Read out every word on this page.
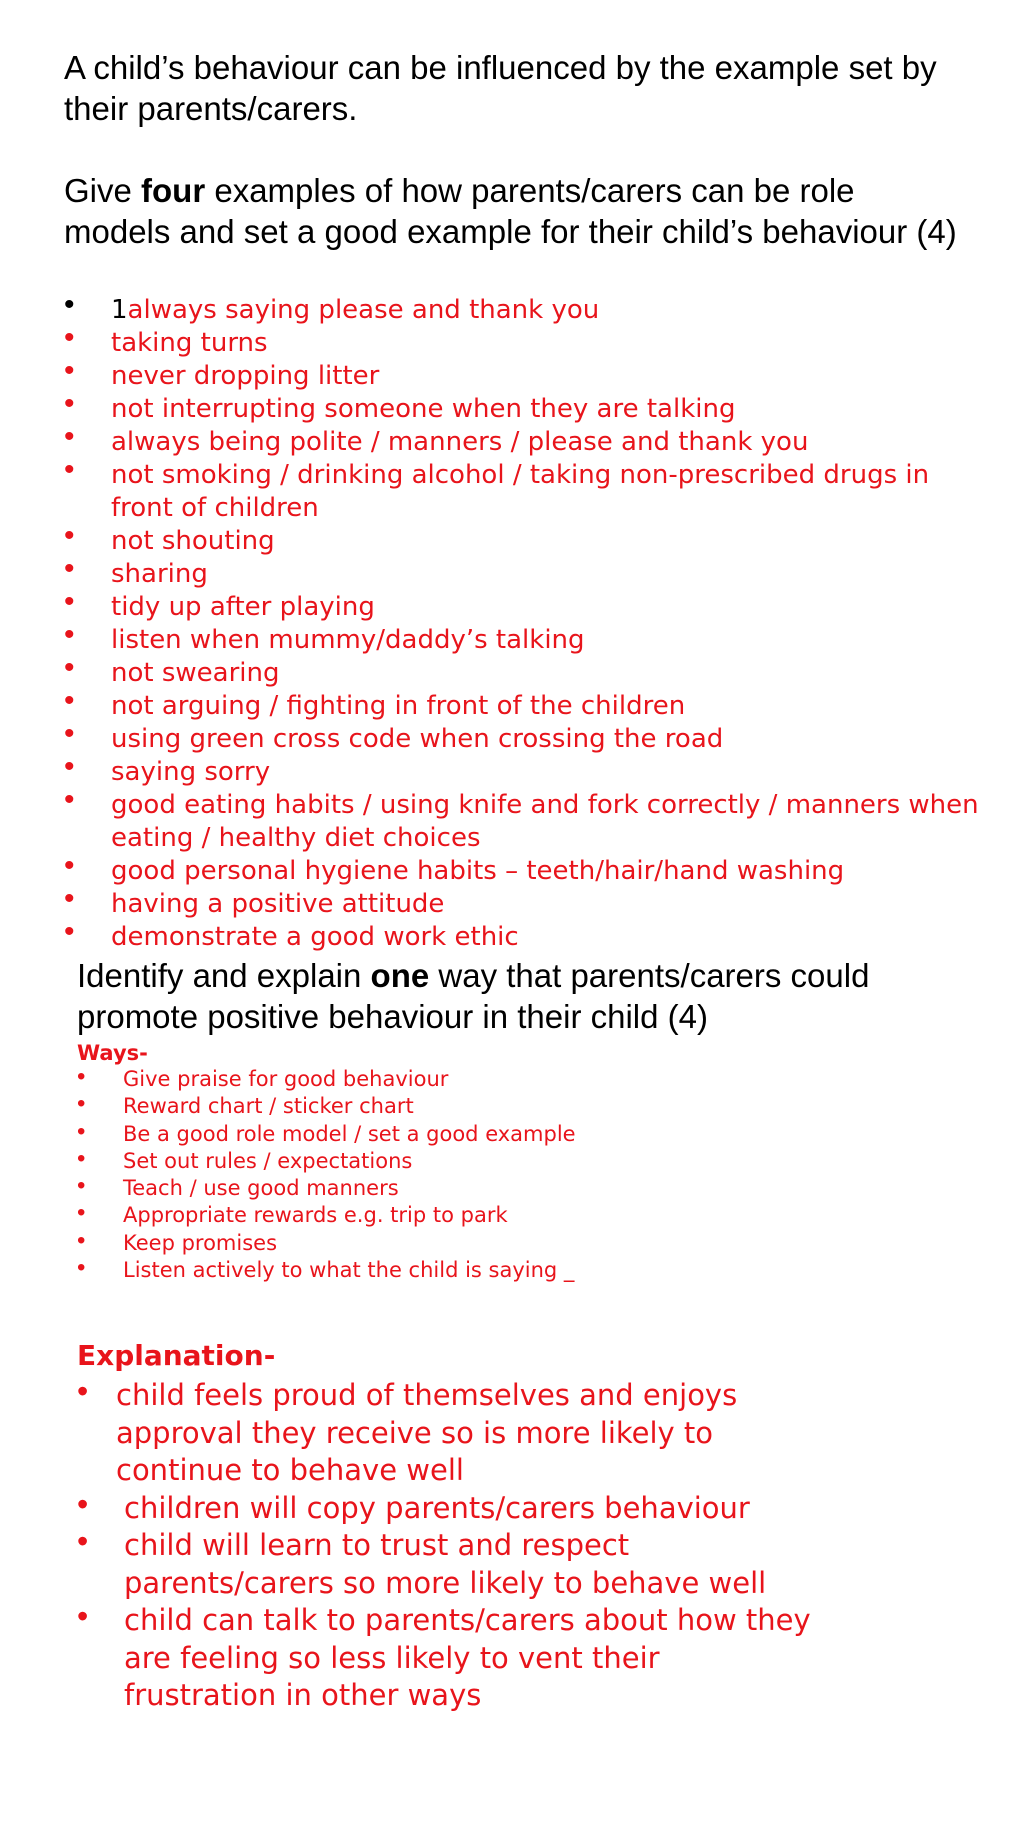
A child’s behaviour can be influenced by the example set by their parents/carers.
Give four examples of how parents/carers can be role models and set a good example for their child’s behaviour (4)
• 1always saying please and thank you
• taking turns
• never dropping litter
• not interrupting someone when they are talking
• always being polite / manners / please and thank you
• not smoking / drinking alcohol / taking non-prescribed drugs in front of children
• not shouting
• sharing
• tidy up after playing
• listen when mummy/daddy’s talking
• not swearing
• not arguing / fighting in front of the children
• using green cross code when crossing the road
• saying sorry
• good eating habits / using knife and fork correctly / manners when eating / healthy diet choices
• good personal hygiene habits – teeth/hair/hand washing
• having a positive attitude
• demonstrate a good work ethic
Identify and explain one way that parents/carers could promote positive behaviour in their child (4)
Ways-
• Give praise for good behaviour
• Reward chart / sticker chart
• Be a good role model / set a good example
• Set out rules / expectations
• Teach / use good manners
• Appropriate rewards e.g. trip to park
• Keep promises
• Listen actively to what the child is saying _
Explanation-
• child feels proud of themselves and enjoys approval they receive so is more likely to continue to behave well
• children will copy parents/carers behaviour
• child will learn to trust and respect parents/carers so more likely to behave well
• child can talk to parents/carers about how they are feeling so less likely to vent their frustration in other ways
